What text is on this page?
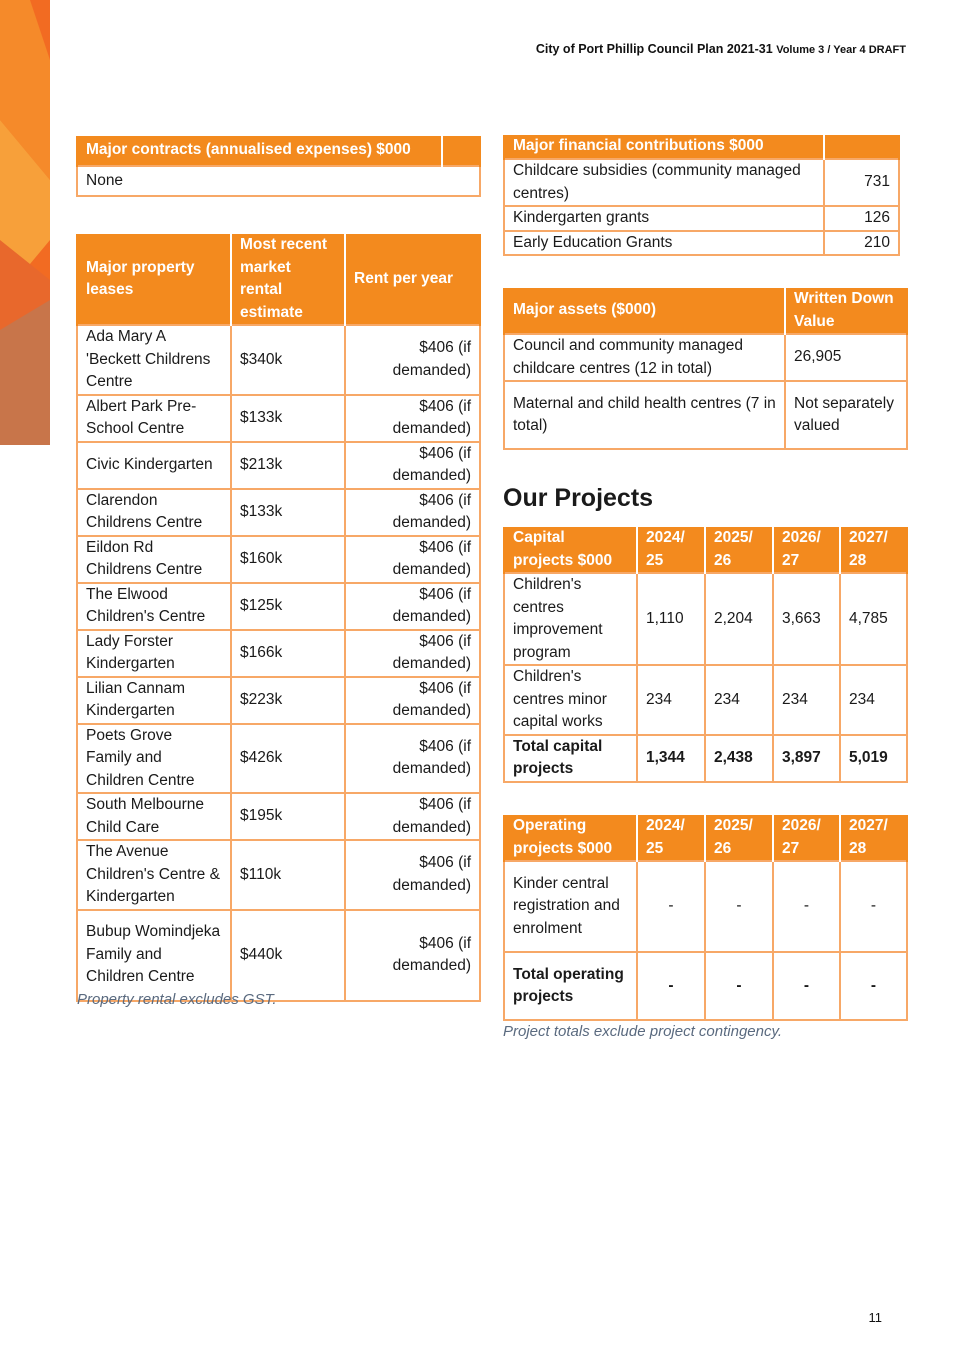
City of Port Phillip Council Plan 2021-31 Volume 3 / Year 4 DRAFT
Major contracts (annualised expenses) $000	
None
Major property leases	Most recent market rental estimate	Rent per year
Ada Mary A 'Beckett Childrens Centre	$340k	$406 (if demanded)
Albert Park Pre-School Centre	$133k	$406 (if demanded)
Civic Kindergarten	$213k	$406 (if demanded)
Clarendon Childrens Centre	$133k	$406 (if demanded)
Eildon Rd Childrens Centre	$160k	$406 (if demanded)
The Elwood Children's Centre	$125k	$406 (if demanded)
Lady Forster Kindergarten	$166k	$406 (if demanded)
Lilian Cannam Kindergarten	$223k	$406 (if demanded)
Poets Grove Family and Children Centre	$426k	$406 (if demanded)
South Melbourne Child Care	$195k	$406 (if demanded)
The Avenue Children's Centre & Kindergarten	$110k	$406 (if demanded)
Bubup Womindjeka Family and Children Centre	$440k	$406 (if demanded)
Property rental excludes GST.
Major financial contributions $000	
Childcare subsidies (community managed centres)	731
Kindergarten grants	126
Early Education Grants	210
Major assets ($000)	Written Down Value
Council and community managed childcare centres (12 in total)	26,905
Maternal and child health centres (7 in total)	Not separately valued
Our Projects
Capital projects $000	2024/ 25	2025/ 26	2026/ 27	2027/ 28
Children's centres improvement program	1,110	2,204	3,663	4,785
Children's centres minor capital works	234	234	234	234
Total capital projects	1,344	2,438	3,897	5,019
Operating projects $000	2024/ 25	2025/ 26	2026/ 27	2027/ 28
Kinder central registration and enrolment	-	-	-	-
Total operating projects	-	-	-	-
Project totals exclude project contingency.
11
